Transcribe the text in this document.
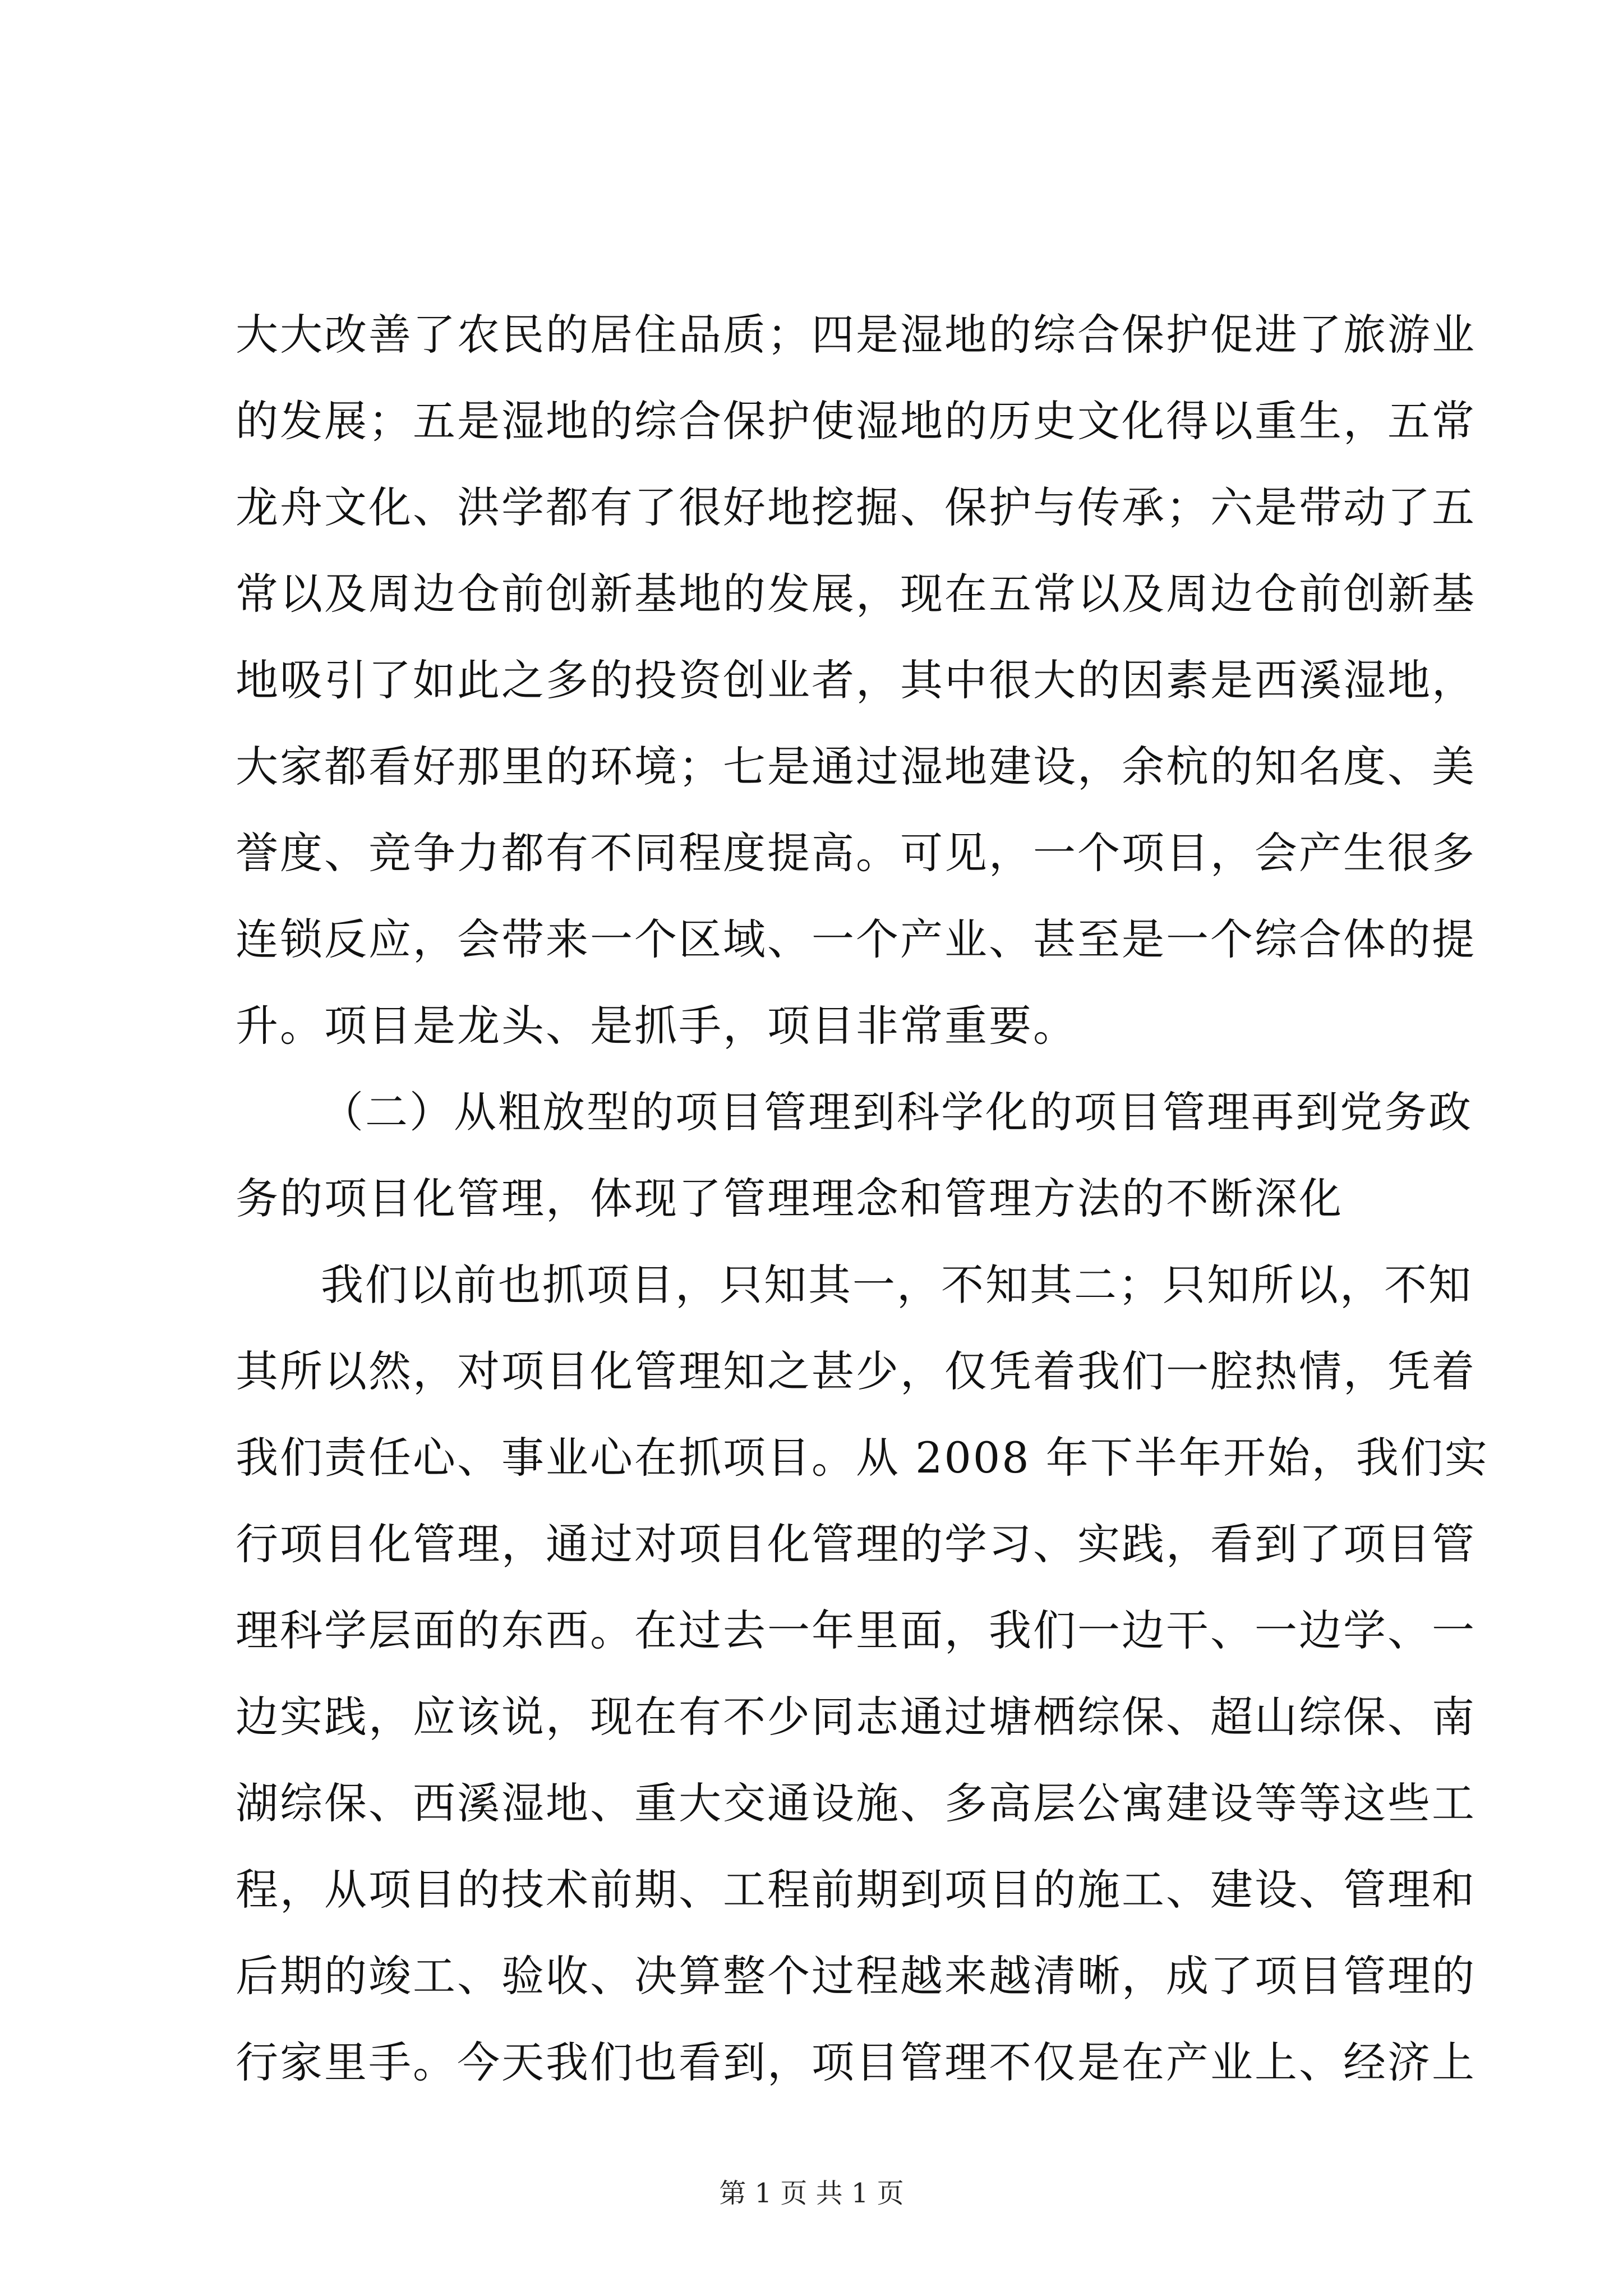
大大改善了农民的居住品质；四是湿地的综合保护促进了旅游业
的发展；五是湿地的综合保护使湿地的历史文化得以重生，五常
龙舟文化、洪学都有了很好地挖掘、保护与传承；六是带动了五
常以及周边仓前创新基地的发展，现在五常以及周边仓前创新基
地吸引了如此之多的投资创业者，其中很大的因素是西溪湿地，
大家都看好那里的环境；七是通过湿地建设，余杭的知名度、美
誉度、竞争力都有不同程度提高。可见，一个项目，会产生很多
连锁反应，会带来一个区域、一个产业、甚至是一个综合体的提
升。项目是龙头、是抓手，项目非常重要。
（二）从粗放型的项目管理到科学化的项目管理再到党务政
务的项目化管理，体现了管理理念和管理方法的不断深化
我们以前也抓项目，只知其一，不知其二；只知所以，不知
其所以然，对项目化管理知之甚少，仅凭着我们一腔热情，凭着
我们责任心、事业心在抓项目。从 2008 年下半年开始，我们实
行项目化管理，通过对项目化管理的学习、实践，看到了项目管
理科学层面的东西。在过去一年里面，我们一边干、一边学、一
边实践，应该说，现在有不少同志通过塘栖综保、超山综保、南
湖综保、西溪湿地、重大交通设施、多高层公寓建设等等这些工
程，从项目的技术前期、工程前期到项目的施工、建设、管理和
后期的竣工、验收、决算整个过程越来越清晰，成了项目管理的
行家里手。今天我们也看到，项目管理不仅是在产业上、经济上
第 1 页 共 1 页
